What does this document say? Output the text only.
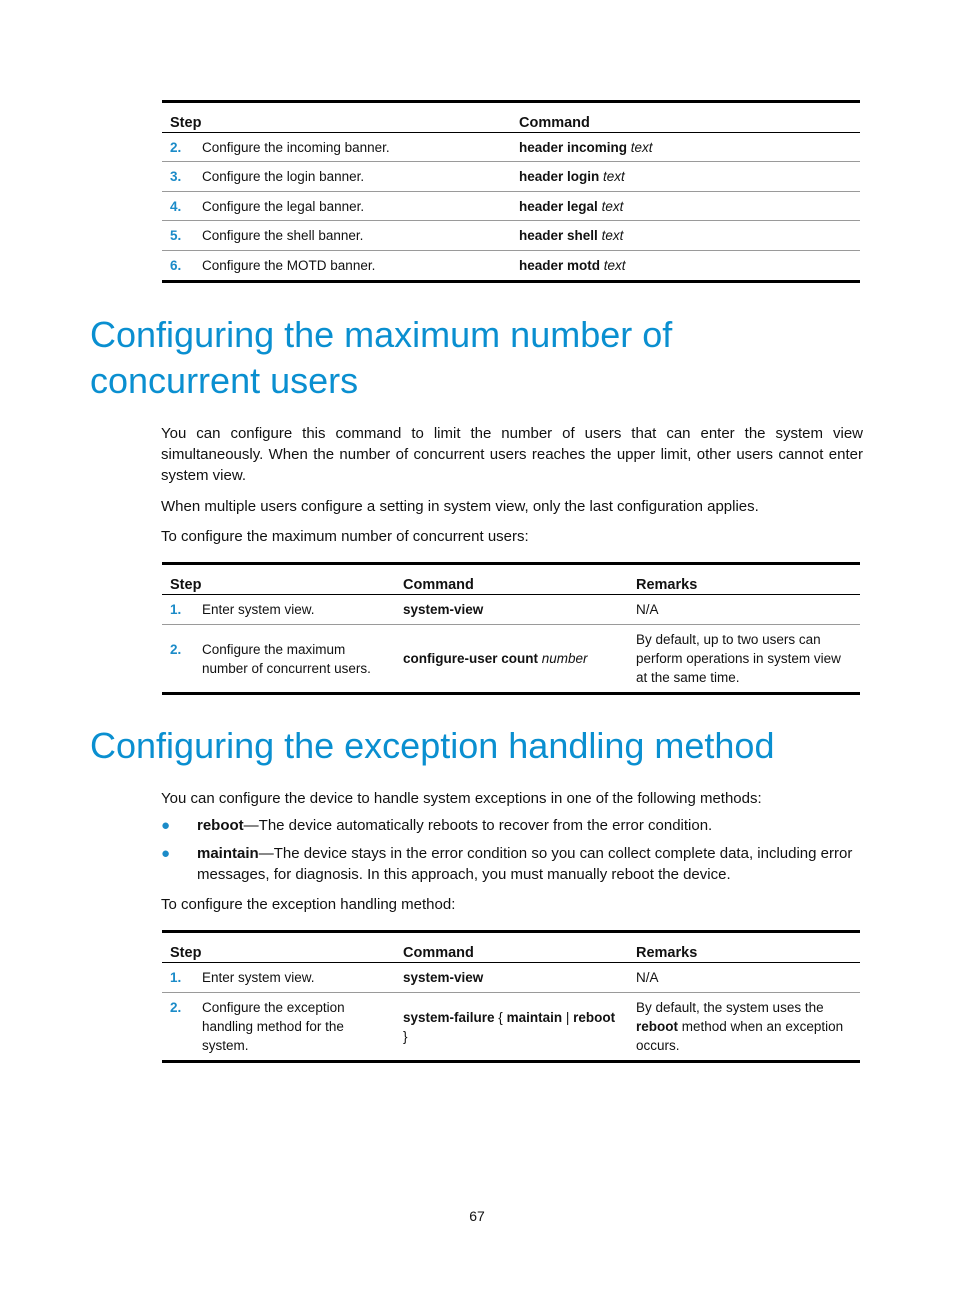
Step	Command

2. Configure the incoming banner.	header incoming text

3. Configure the login banner.	header login text

4. Configure the legal banner.	header legal text

5. Configure the shell banner.	header shell text

6. Configure the MOTD banner.	header motd text
Configuring the maximum number of concurrent users

You can configure this command to limit the number of users that can enter the system view simultaneously. When the number of concurrent users reaches the upper limit, other users cannot enter system view.

When multiple users configure a setting in system view, only the last configuration applies.

To configure the maximum number of concurrent users:

Step	Command	Remarks

1. Enter system view.	system-view	N/A

2. Configure the maximum number of concurrent users.	configure-user count number	By default, up to two users can perform operations in system view at the same time.
Configuring the exception handling method

You can configure the device to handle system exceptions in one of the following methods:

●	reboot—The device automatically reboots to recover from the error condition.
●	maintain—The device stays in the error condition so you can collect complete data, including error messages, for diagnosis. In this approach, you must manually reboot the device.

To configure the exception handling method:

Step	Command	Remarks

1. Enter system view.	system-view	N/A

2. Configure the exception handling method for the system.	system-failure { maintain | reboot }	By default, the system uses the reboot method when an exception occurs.
67
